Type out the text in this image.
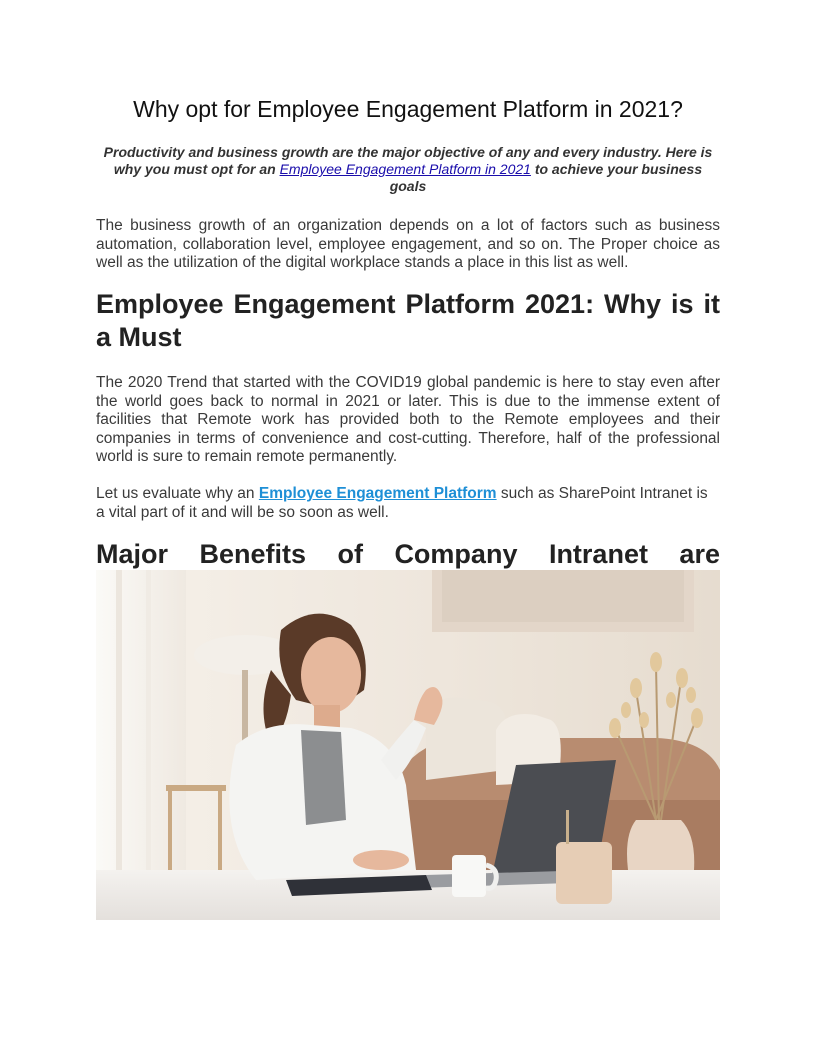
Why opt for Employee Engagement Platform in 2021?

Productivity and business growth are the major objective of any and every industry. Here is why you must opt for an Employee Engagement Platform in 2021 to achieve your business goals

The business growth of an organization depends on a lot of factors such as business automation, collaboration level, employee engagement, and so on. The Proper choice as well as the utilization of the digital workplace stands a place in this list as well.

Employee Engagement Platform 2021: Why is it a Must

The 2020 Trend that started with the COVID19 global pandemic is here to stay even after the world goes back to normal in 2021 or later. This is due to the immense extent of facilities that Remote work has provided both to the Remote employees and their companies in terms of convenience and cost-cutting. Therefore, half of the professional world is sure to remain remote permanently.

Let us evaluate why an Employee Engagement Platform such as SharePoint Intranet is a vital part of it and will be so soon as well.

Major Benefits of Company Intranet are
